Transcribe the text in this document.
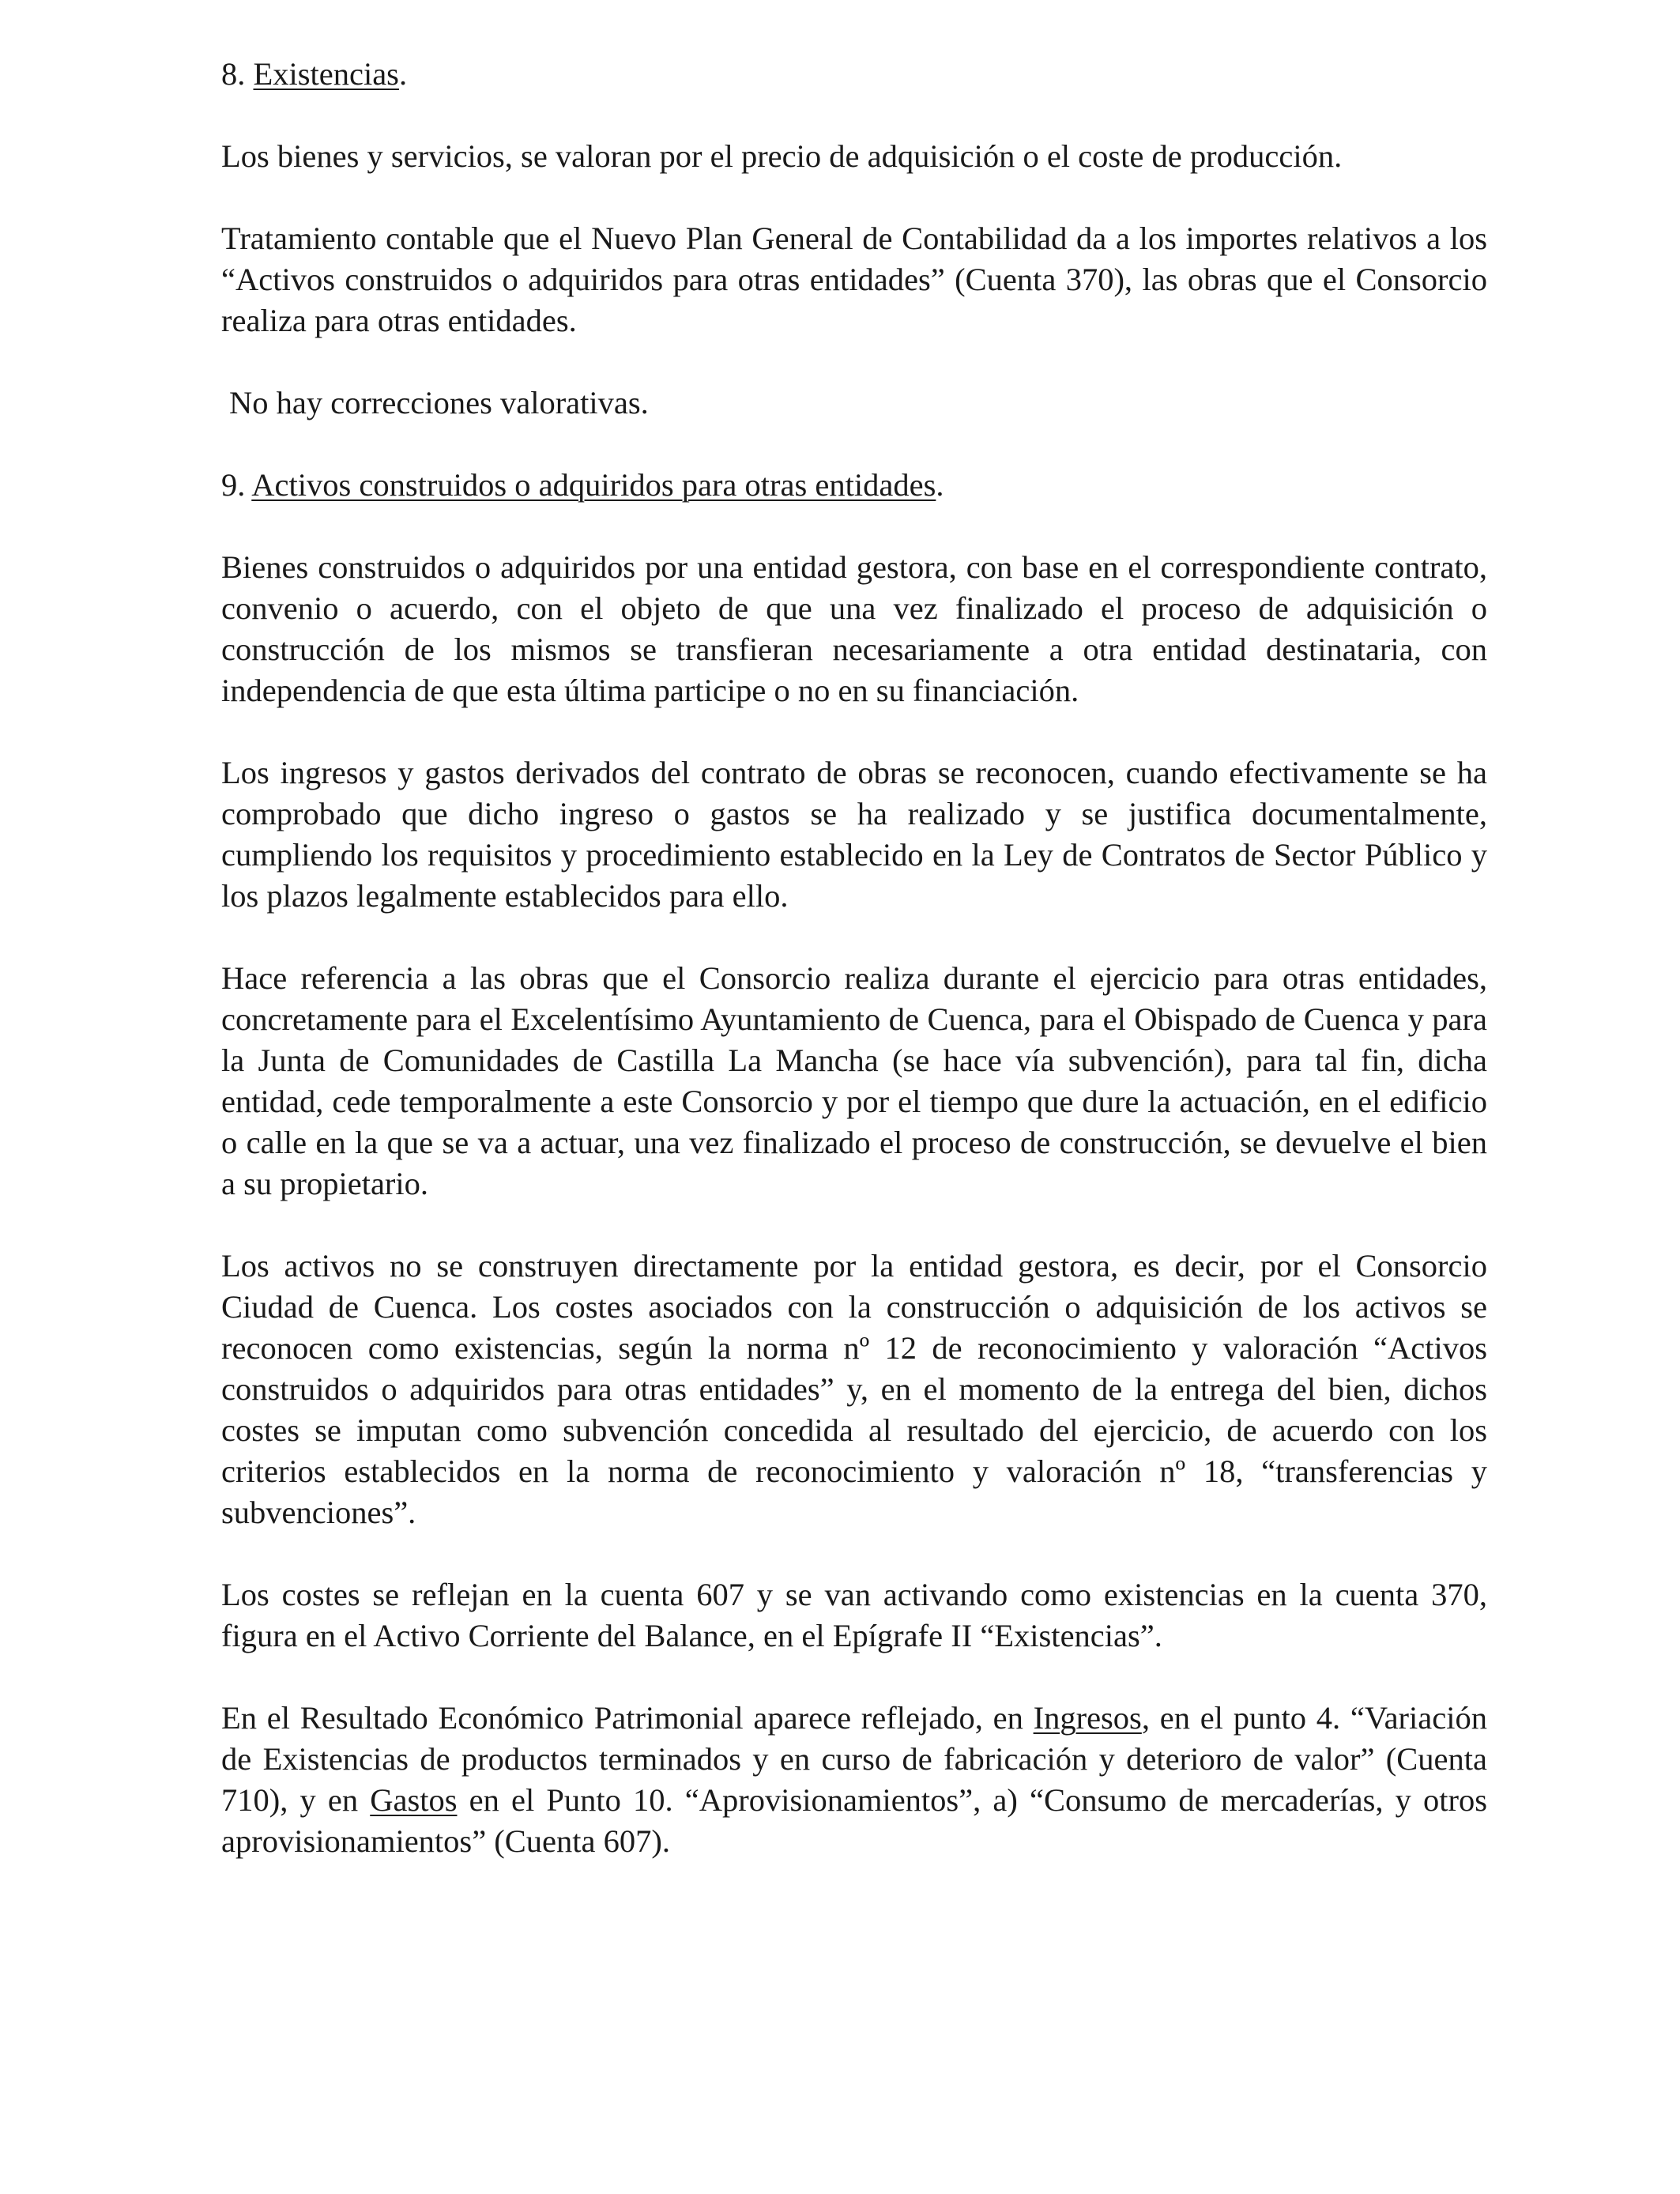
8. Existencias.

Los bienes y servicios, se valoran por el precio de adquisición o el coste de producción.

Tratamiento contable que el Nuevo Plan General de Contabilidad da a los importes relativos a los “Activos construidos o adquiridos para otras entidades” (Cuenta 370), las obras que el Consorcio realiza para otras entidades.

No hay correcciones valorativas.

9. Activos construidos o adquiridos para otras entidades.

Bienes construidos o adquiridos por una entidad gestora, con base en el correspondiente contrato, convenio o acuerdo, con el objeto de que una vez finalizado el proceso de adquisición o construcción de los mismos se transfieran necesariamente a otra entidad destinataria, con independencia de que esta última participe o no en su financiación.

Los ingresos y gastos derivados del contrato de obras se reconocen, cuando efectivamente se ha comprobado que dicho ingreso o gastos se ha realizado y se justifica documentalmente, cumpliendo los requisitos y procedimiento establecido en la Ley de Contratos de Sector Público y los plazos legalmente establecidos para ello.

Hace referencia a las obras que el Consorcio realiza durante el ejercicio para otras entidades, concretamente para el Excelentísimo Ayuntamiento de Cuenca, para el Obispado de Cuenca y para la Junta de Comunidades de Castilla La Mancha (se hace vía subvención), para tal fin, dicha entidad, cede temporalmente a este Consorcio y por el tiempo que dure la actuación, en el edificio o calle en la que se va a actuar, una vez finalizado el proceso de construcción, se devuelve el bien a su propietario.

Los activos no se construyen directamente por la entidad gestora, es decir, por el Consorcio Ciudad de Cuenca. Los costes asociados con la construcción o adquisición de los activos se reconocen como existencias, según la norma nº 12 de reconocimiento y valoración “Activos construidos o adquiridos para otras entidades” y, en el momento de la entrega del bien, dichos costes se imputan como subvención concedida al resultado del ejercicio, de acuerdo con los criterios establecidos en la norma de reconocimiento y valoración nº 18, “transferencias y subvenciones”.

Los costes se reflejan en la cuenta 607 y se van activando como existencias en la cuenta 370, figura en el Activo Corriente del Balance, en el Epígrafe II “Existencias”.

En el Resultado Económico Patrimonial aparece reflejado, en Ingresos, en el punto 4. “Variación de Existencias de productos terminados y en curso de fabricación y deterioro de valor” (Cuenta 710), y en Gastos en el Punto 10. “Aprovisionamientos”, a) “Consumo de mercaderías, y otros aprovisionamientos” (Cuenta 607).
